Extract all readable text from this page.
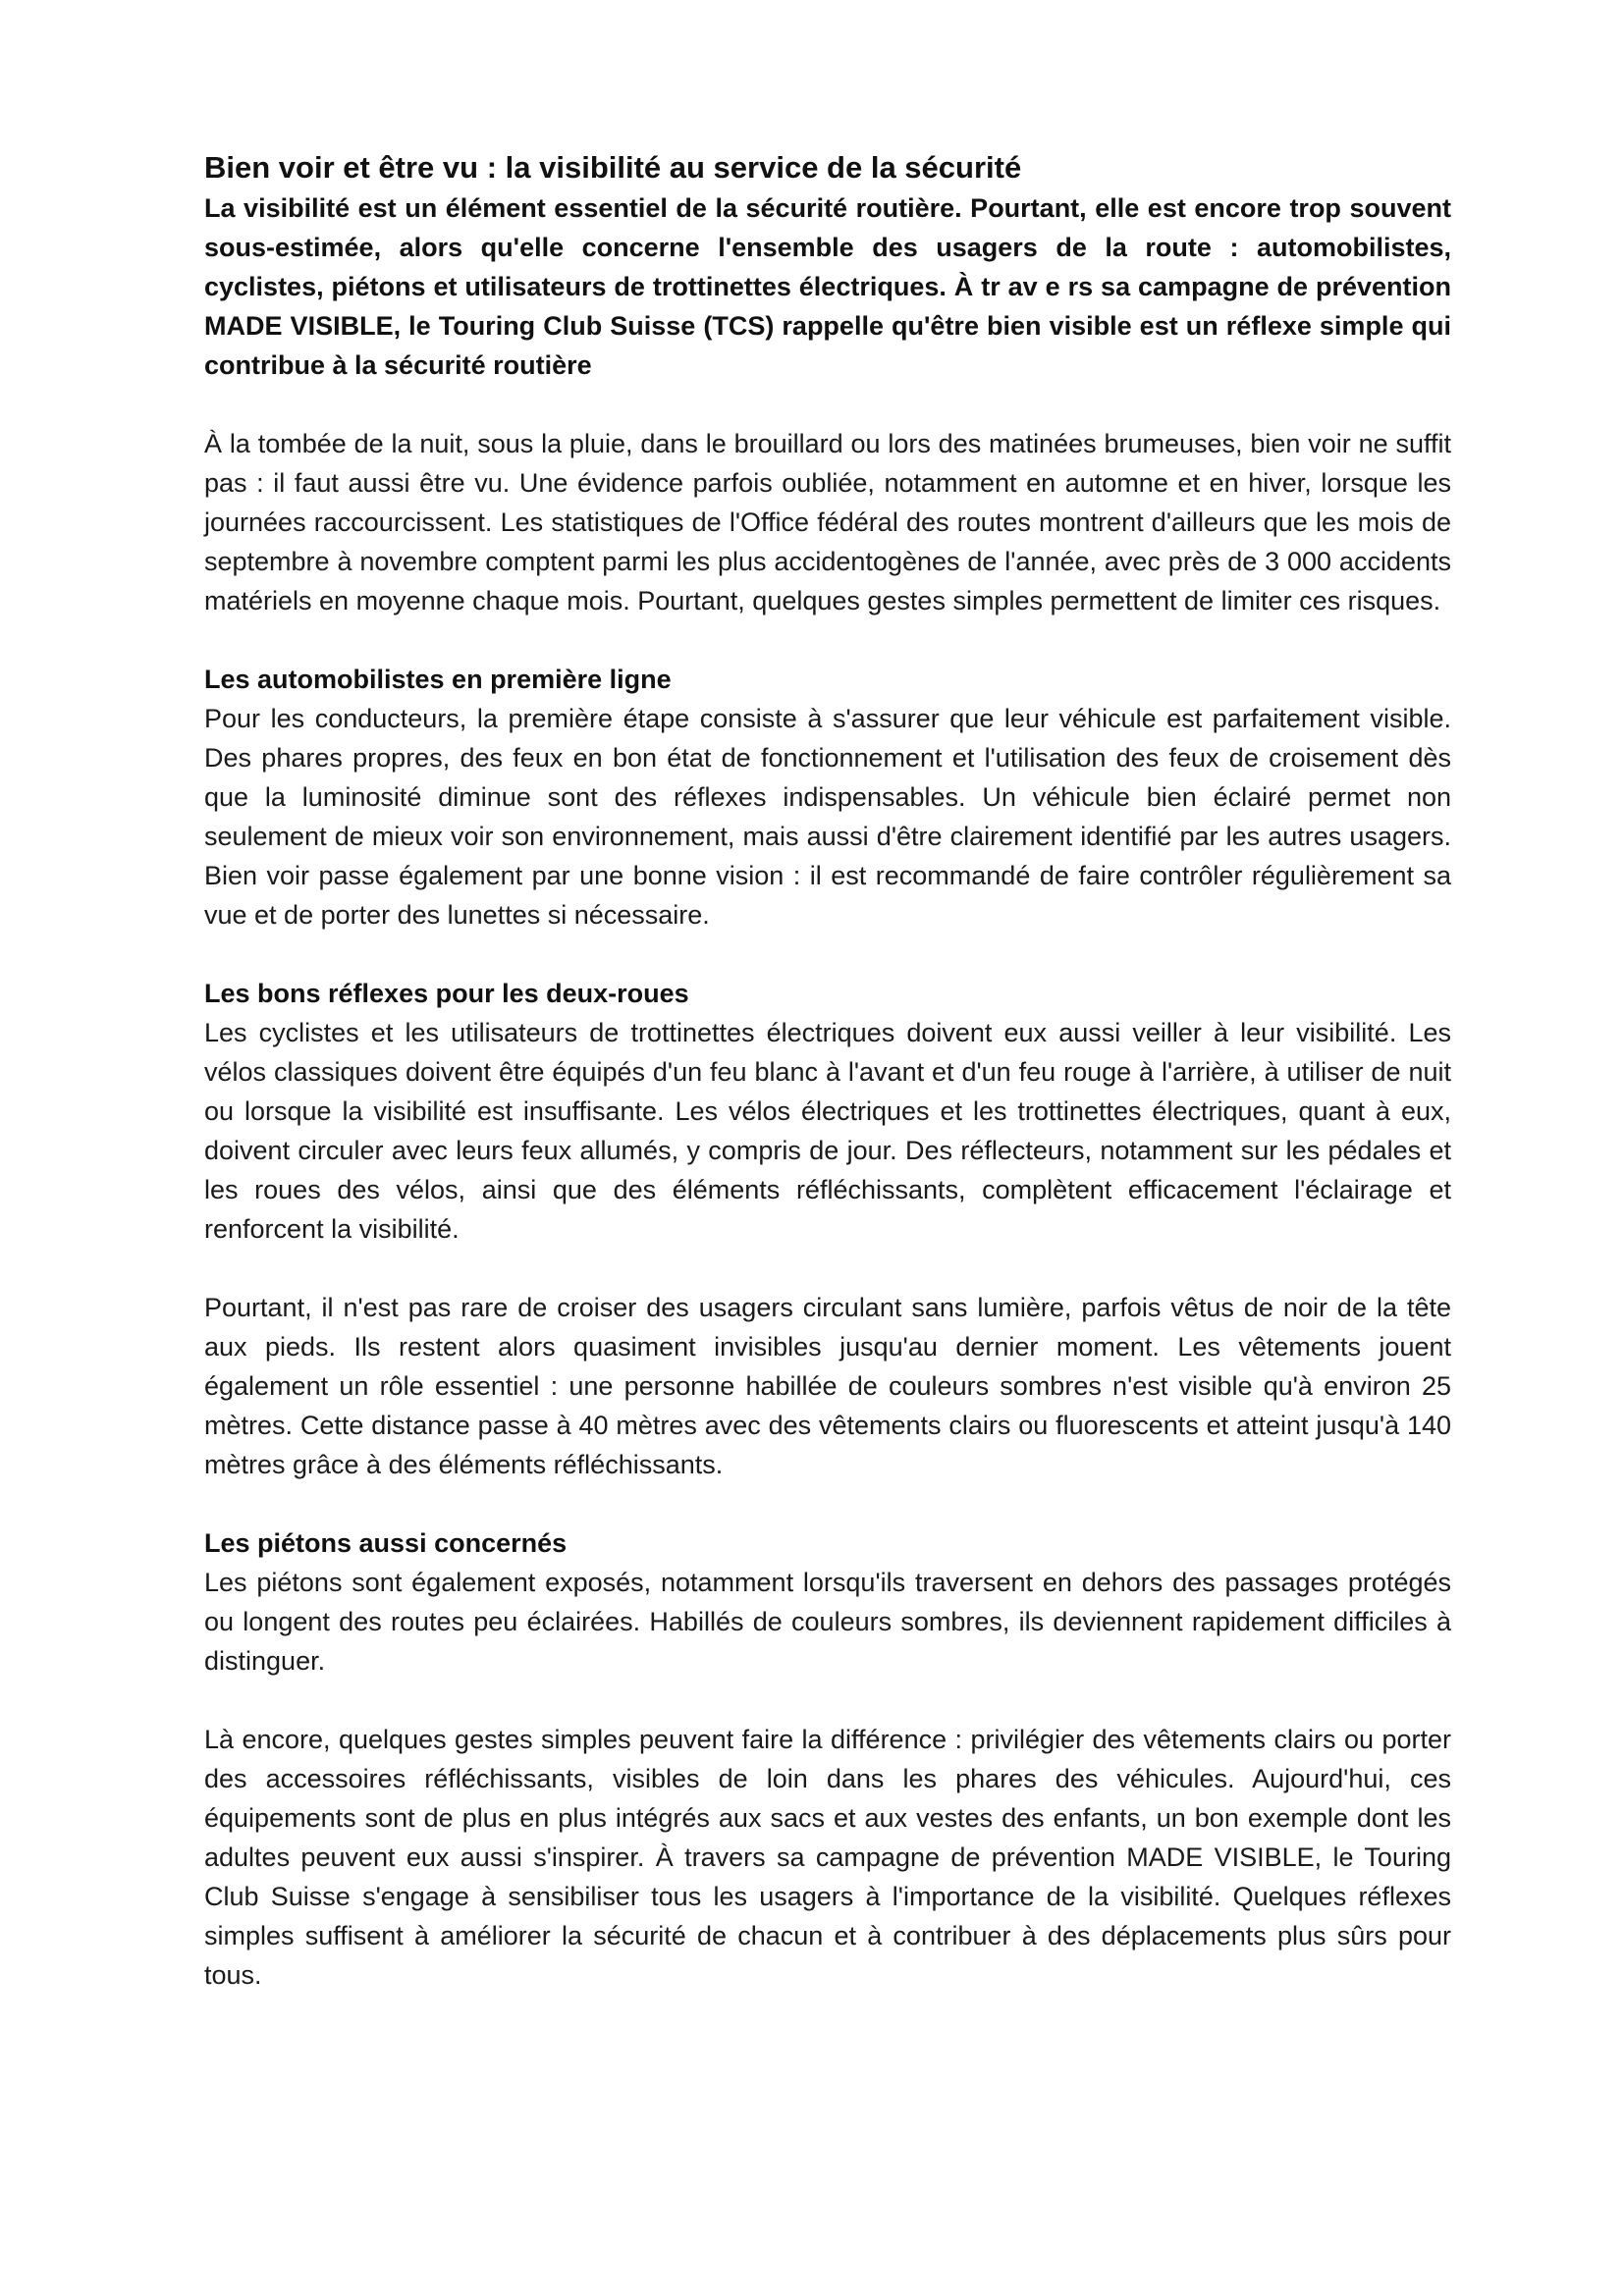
Bien voir et être vu : la visibilité au service de la sécurité

La visibilité est un élément essentiel de la sécurité routière. Pourtant, elle est encore trop souvent sous-estimée, alors qu'elle concerne l'ensemble des usagers de la route : automobilistes, cyclistes, piétons et utilisateurs de trottinettes électriques. À tr av e rs sa campagne de prévention MADE VISIBLE, le Touring Club Suisse (TCS) rappelle qu'être bien visible est un réflexe simple qui contribue à la sécurité routière

À la tombée de la nuit, sous la pluie, dans le brouillard ou lors des matinées brumeuses, bien voir ne suffit pas : il faut aussi être vu. Une évidence parfois oubliée, notamment en automne et en hiver, lorsque les journées raccourcissent. Les statistiques de l'Office fédéral des routes montrent d'ailleurs que les mois de septembre à novembre comptent parmi les plus accidentogènes de l'année, avec près de 3 000 accidents matériels en moyenne chaque mois. Pourtant, quelques gestes simples permettent de limiter ces risques.

Les automobilistes en première ligne

Pour les conducteurs, la première étape consiste à s'assurer que leur véhicule est parfaitement visible. Des phares propres, des feux en bon état de fonctionnement et l'utilisation des feux de croisement dès que la luminosité diminue sont des réflexes indispensables. Un véhicule bien éclairé permet non seulement de mieux voir son environnement, mais aussi d'être clairement identifié par les autres usagers. Bien voir passe également par une bonne vision : il est recommandé de faire contrôler régulièrement sa vue et de porter des lunettes si nécessaire.

Les bons réflexes pour les deux-roues

Les cyclistes et les utilisateurs de trottinettes électriques doivent eux aussi veiller à leur visibilité. Les vélos classiques doivent être équipés d'un feu blanc à l'avant et d'un feu rouge à l'arrière, à utiliser de nuit ou lorsque la visibilité est insuffisante. Les vélos électriques et les trottinettes électriques, quant à eux, doivent circuler avec leurs feux allumés, y compris de jour. Des réflecteurs, notamment sur les pédales et les roues des vélos, ainsi que des éléments réfléchissants, complètent efficacement l'éclairage et renforcent la visibilité.

Pourtant, il n'est pas rare de croiser des usagers circulant sans lumière, parfois vêtus de noir de la tête aux pieds. Ils restent alors quasiment invisibles jusqu'au dernier moment. Les vêtements jouent également un rôle essentiel : une personne habillée de couleurs sombres n'est visible qu'à environ 25 mètres. Cette distance passe à 40 mètres avec des vêtements clairs ou fluorescents et atteint jusqu'à 140 mètres grâce à des éléments réfléchissants.

Les piétons aussi concernés

Les piétons sont également exposés, notamment lorsqu'ils traversent en dehors des passages protégés ou longent des routes peu éclairées. Habillés de couleurs sombres, ils deviennent rapidement difficiles à distinguer.

Là encore, quelques gestes simples peuvent faire la différence : privilégier des vêtements clairs ou porter des accessoires réfléchissants, visibles de loin dans les phares des véhicules. Aujourd'hui, ces équipements sont de plus en plus intégrés aux sacs et aux vestes des enfants, un bon exemple dont les adultes peuvent eux aussi s'inspirer. À travers sa campagne de prévention MADE VISIBLE, le Touring Club Suisse s'engage à sensibiliser tous les usagers à l'importance de la visibilité. Quelques réflexes simples suffisent à améliorer la sécurité de chacun et à contribuer à des déplacements plus sûrs pour tous.
